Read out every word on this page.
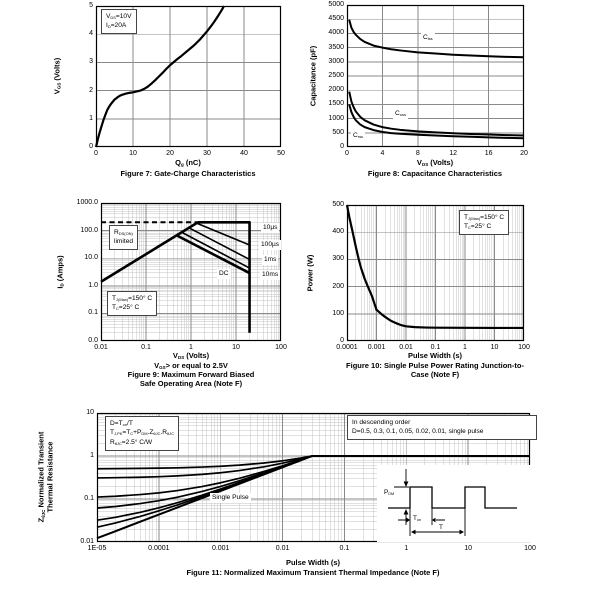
$V_{GS}$ (Volts)
$Q_g$ (nC)
Figure 7: Gate-Charge Characteristics
0	10	20	30	40	50
0
1
2
3
4
5
$V_{DS}=10V$
$I_D=20A$
Capacitance (pF)
$V_{DS}$ (Volts)
Figure 8: Capacitance Characteristics
0	4	8	12	16	20
0
500
1000
1500
2000
2500
3000
3500
4000
4500
5000
$C_{iss}$
$C_{oss}$
$C_{rss}$
$I_D$ (Amps)
$V_{DS}$ (Volts)
$V_{GS}>$ or equal to 2.5V
Figure 9: Maximum Forward Biased
Safe Operating Area (Note F)
0.01	0.1	1	10	100
1000.0
100.0
10.0
1.0
0.1
0.0
$R_{DS(ON)}$
limited
$T_{J(Max)}=150^\circ$ C
$T_C=25^\circ$ C
10µs
100µs
1ms
10ms
DC	Power (W)
Pulse Width (s)
Figure 10: Single Pulse Power Rating Junction-to-
Case (Note F)
0.0001 0.001 0.01	0.1	1	10	100
0
100
200
300
400
500
$T_{J(Max)}=150^\circ$ C
$T_C=25^\circ$ C
$Z_{\theta JC}$ Normalized Transient
Thermal Resistance
Pulse Width (s)
Figure 11: Normalized Maximum Transient Thermal Impedance (Note F)
$P_{DM}$
$T_{on}$
T
1E-05	0.0001	0.001	0.01	0.1	1	10	100
10
1
0.1
0.01
$D=T_{on}/T$
$T_{J,PK}=T_C+P_{DM}.Z_{\theta JC}.R_{\theta JC}$
$R_{\theta JC}=2.5^\circ$ C/W
In descending order
D=0.5, 0.3, 0.1, 0.05, 0.02, 0.01, single pulse
Single Pulse
